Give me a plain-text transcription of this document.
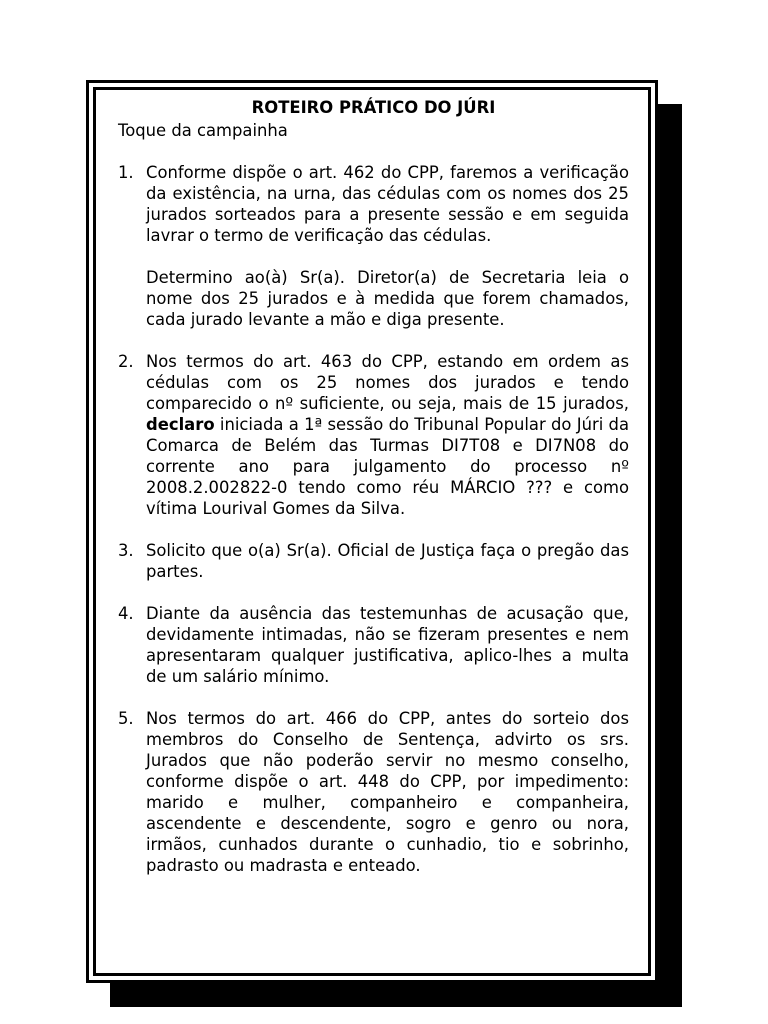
ROTEIRO PRÁTICO DO JÚRI

Toque da campainha

1. Conforme dispõe o art. 462 do CPP, faremos a verificação da existência, na urna, das cédulas com os nomes dos 25 jurados sorteados para a presente sessão e em seguida lavrar o termo de verificação das cédulas.

Determino ao(à) Sr(a). Diretor(a) de Secretaria leia o nome dos 25 jurados e à medida que forem chamados, cada jurado levante a mão e diga presente.

2. Nos termos do art. 463 do CPP, estando em ordem as cédulas com os 25 nomes dos jurados e tendo comparecido o nº suficiente, ou seja, mais de 15 jurados, declaro iniciada a 1ª sessão do Tribunal Popular do Júri da Comarca de Belém das Turmas DI7T08 e DI7N08 do corrente ano para julgamento do processo nº 2008.2.002822-0 tendo como réu MÁRCIO ??? e como vítima Lourival Gomes da Silva.

3. Solicito que o(a) Sr(a). Oficial de Justiça faça o pregão das partes.

4. Diante da ausência das testemunhas de acusação que, devidamente intimadas, não se fizeram presentes e nem apresentaram qualquer justificativa, aplico-lhes a multa de um salário mínimo.

5. Nos termos do art. 466 do CPP, antes do sorteio dos membros do Conselho de Sentença, advirto os srs. Jurados que não poderão servir no mesmo conselho, conforme dispõe o art. 448 do CPP, por impedimento: marido e mulher, companheiro e companheira, ascendente e descendente, sogro e genro ou nora, irmãos, cunhados durante o cunhadio, tio e sobrinho, padrasto ou madrasta e enteado.
